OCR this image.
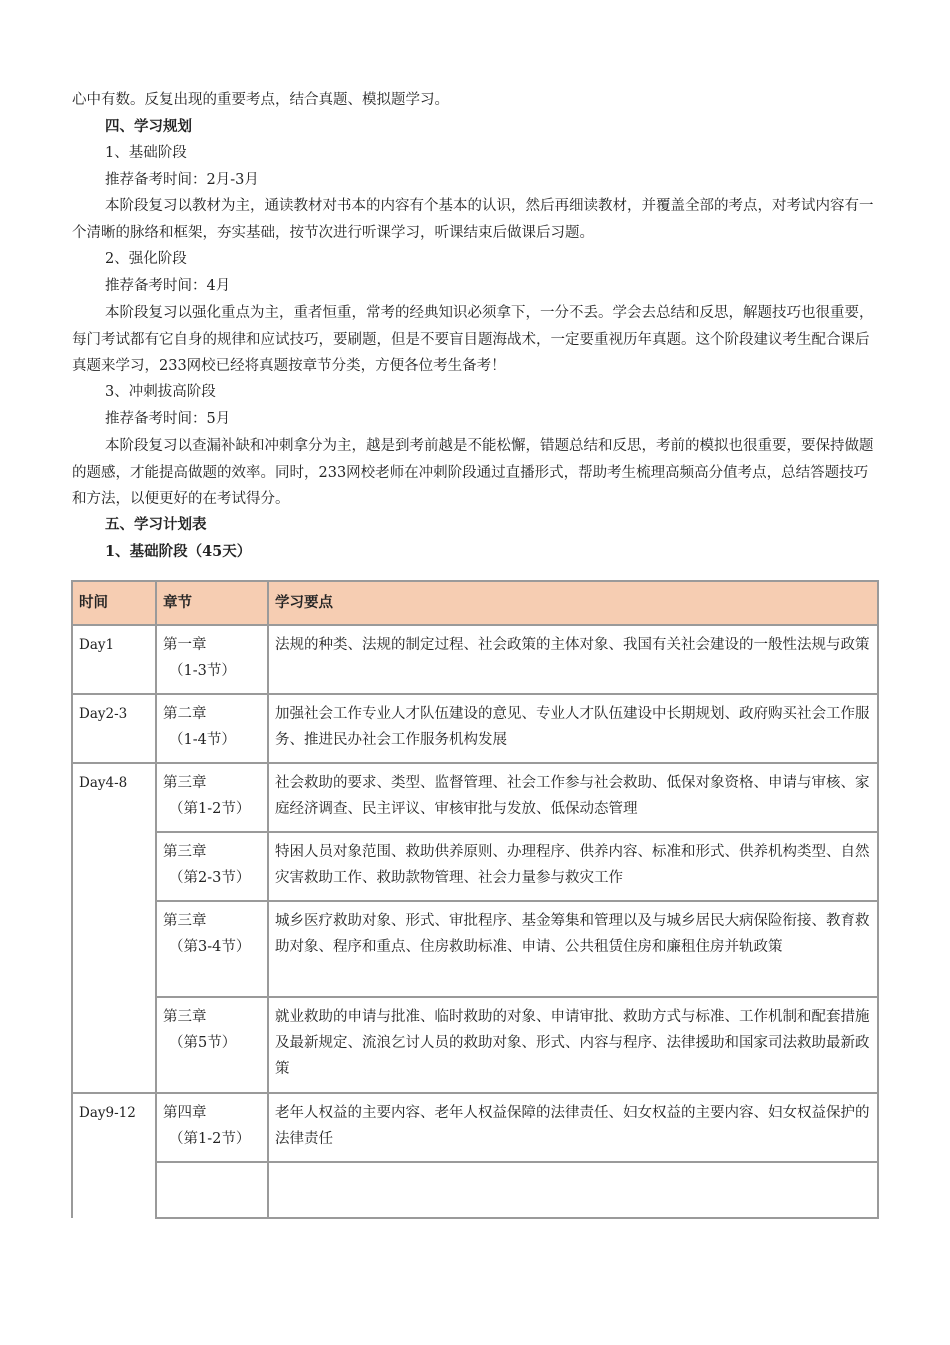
心中有数。反复出现的重要考点，结合真题、模拟题学习。

四、学习规划

1、基础阶段

推荐备考时间：2月-3月

本阶段复习以教材为主，通读教材对书本的内容有个基本的认识，然后再细读教材，并覆盖全部的考点，对考试内容有一个清晰的脉络和框架，夯实基础，按节次进行听课学习，听课结束后做课后习题。

2、强化阶段

推荐备考时间：4月

本阶段复习以强化重点为主，重者恒重，常考的经典知识必须拿下，一分不丢。学会去总结和反思，解题技巧也很重要，每门考试都有它自身的规律和应试技巧，要刷题，但是不要盲目题海战术，一定要重视历年真题。这个阶段建议考生配合课后真题来学习，233网校已经将真题按章节分类，方便各位考生备考！

3、冲刺拔高阶段

推荐备考时间：5月

本阶段复习以查漏补缺和冲刺拿分为主，越是到考前越是不能松懈，错题总结和反思，考前的模拟也很重要，要保持做题的题感，才能提高做题的效率。同时，233网校老师在冲刺阶段通过直播形式，帮助考生梳理高频高分值考点，总结答题技巧和方法，以便更好的在考试得分。

五、学习计划表

1、基础阶段（45天）

时间	章节	学习要点
Day1	第一章
（1-3节）	法规的种类、法规的制定过程、社会政策的主体对象、我国有关社会建设的一般性法规与政策
Day2-3	第二章
（1-4节）	加强社会工作专业人才队伍建设的意见、专业人才队伍建设中长期规划、政府购买社会工作服务、推进民办社会工作服务机构发展
Day4-8	第三章
（第1-2节）	社会救助的要求、类型、监督管理、社会工作参与社会救助、低保对象资格、申请与审核、家庭经济调查、民主评议、审核审批与发放、低保动态管理

	第三章
（第2-3节）	特困人员对象范围、救助供养原则、办理程序、供养内容、标准和形式、供养机构类型、自然灾害救助工作、救助款物管理、社会力量参与救灾工作

	第三章
（第3-4节）	城乡医疗救助对象、形式、审批程序、基金筹集和管理以及与城乡居民大病保险衔接、教育救助对象、程序和重点、住房救助标准、申请、公共租赁住房和廉租住房并轨政策

	第三章
（第5节）	就业救助的申请与批准、临时救助的对象、申请审批、救助方式与标准、工作机制和配套措施及最新规定、流浪乞讨人员的救助对象、形式、内容与程序、法律援助和国家司法救助最新政策
Day9-12	第四章
（第1-2节）	老年人权益的主要内容、老年人权益保障的法律责任、妇女权益的主要内容、妇女权益保护的法律责任
